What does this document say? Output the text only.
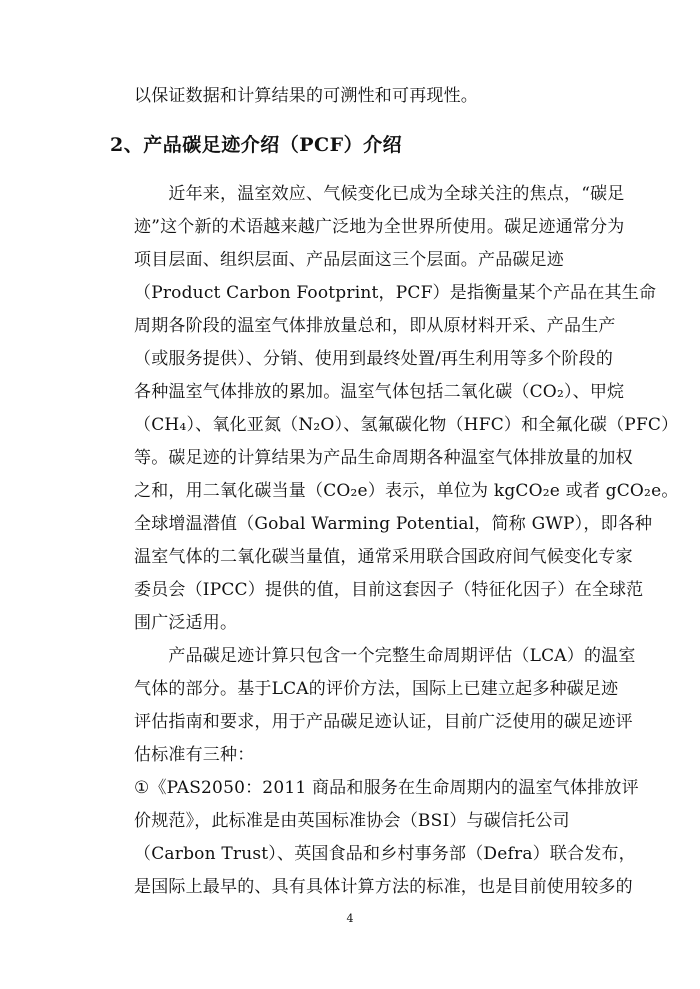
以保证数据和计算结果的可溯性和可再现性。
2、产品碳足迹介绍（PCF）介绍
　　近年来，温室效应、气候变化已成为全球关注的焦点，“碳足
迹”这个新的术语越来越广泛地为全世界所使用。碳足迹通常分为
项目层面、组织层面、产品层面这三个层面。产品碳足迹
（Product Carbon Footprint，PCF）是指衡量某个产品在其生命
周期各阶段的温室气体排放量总和，即从原材料开采、产品生产
（或服务提供）、分销、使用到最终处置/再生利用等多个阶段的
各种温室气体排放的累加。温室气体包括二氧化碳（CO₂）、甲烷
（CH₄）、氧化亚氮（N₂O）、氢氟碳化物（HFC）和全氟化碳（PFC）
等。碳足迹的计算结果为产品生命周期各种温室气体排放量的加权
之和，用二氧化碳当量（CO₂e）表示，单位为 kgCO₂e 或者 gCO₂e。
全球增温潜值（Gobal Warming Potential，简称 GWP），即各种
温室气体的二氧化碳当量值，通常采用联合国政府间气候变化专家
委员会（IPCC）提供的值，目前这套因子（特征化因子）在全球范
围广泛适用。
　　产品碳足迹计算只包含一个完整生命周期评估（LCA）的温室
气体的部分。基于LCA的评价方法，国际上已建立起多种碳足迹
评估指南和要求，用于产品碳足迹认证，目前广泛使用的碳足迹评
估标准有三种：
①《PAS2050：2011 商品和服务在生命周期内的温室气体排放评
价规范》，此标准是由英国标准协会（BSI）与碳信托公司
（Carbon Trust）、英国食品和乡村事务部（Defra）联合发布，
是国际上最早的、具有具体计算方法的标准，也是目前使用较多的
4
